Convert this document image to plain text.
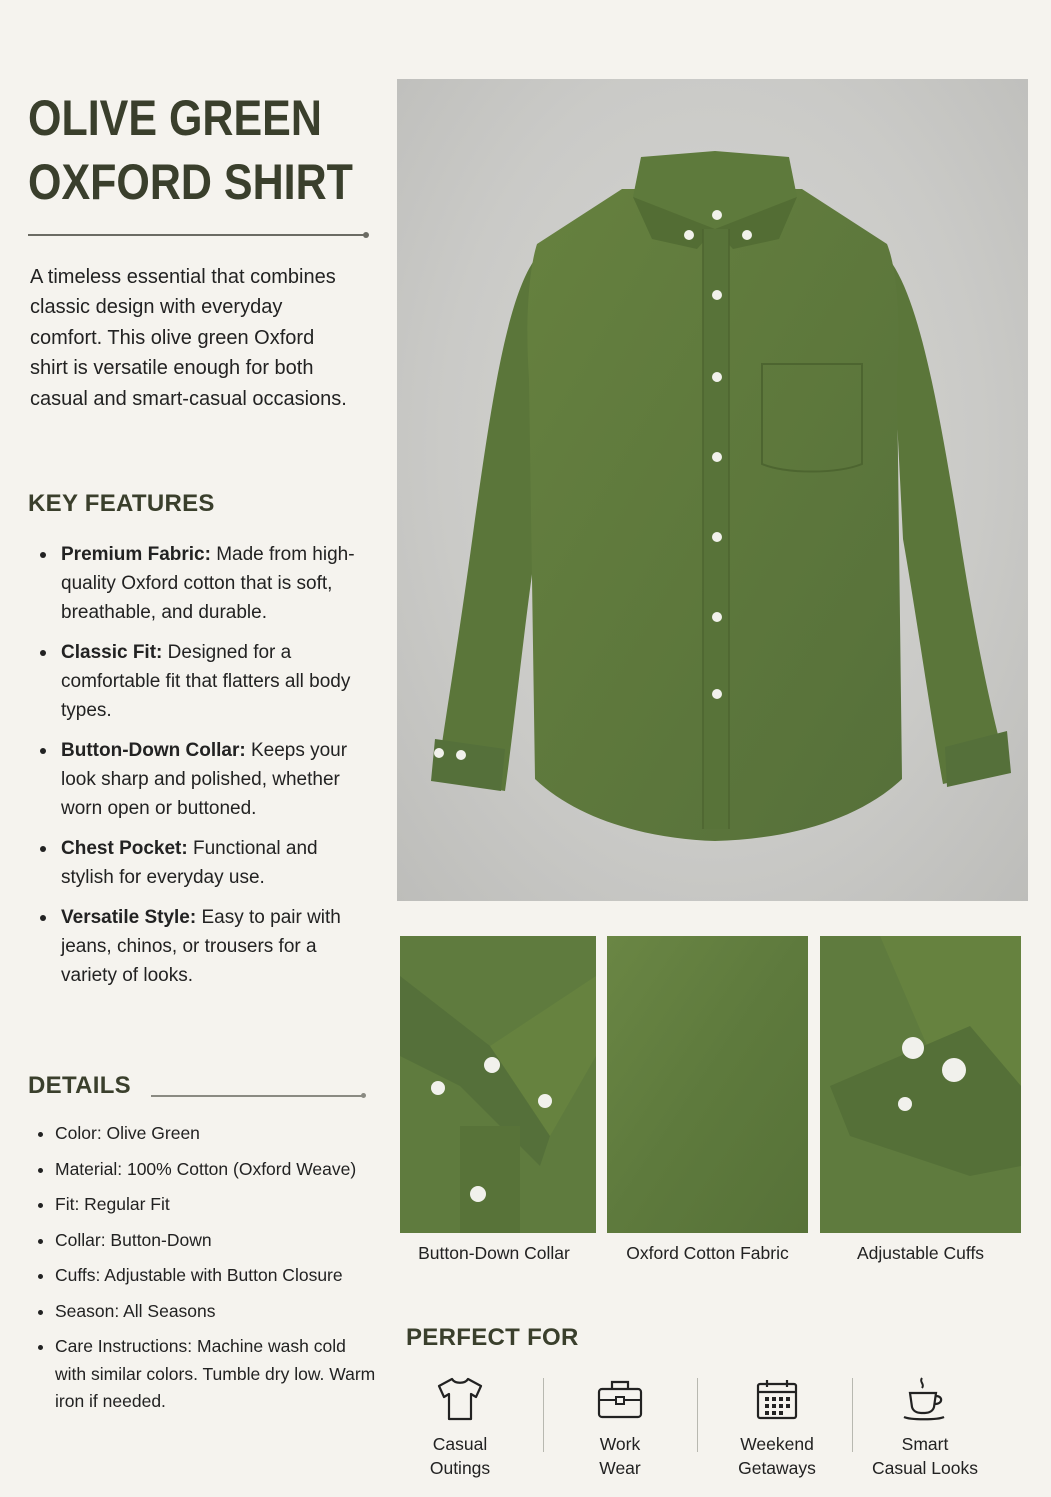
OLIVE GREEN
OXFORD SHIRT

A timeless essential that combines classic design with everyday comfort. This olive green Oxford shirt is versatile enough for both casual and smart-casual occasions.

KEY FEATURES
Premium Fabric: Made from high-quality Oxford cotton that is soft, breathable, and durable.
Classic Fit: Designed for a comfortable fit that flatters all body types.
Button-Down Collar: Keeps your look sharp and polished, whether worn open or buttoned.
Chest Pocket: Functional and stylish for everyday use.
Versatile Style: Easy to pair with jeans, chinos, or trousers for a variety of looks.
DETAILS
Color: Olive Green
Material: 100% Cotton (Oxford Weave)
Fit: Regular Fit
Collar: Button-Down
Cuffs: Adjustable with Button Closure
Season: All Seasons
Care Instructions: Machine wash cold with similar colors. Tumble dry low. Warm iron if needed.
Button-Down Collar	Oxford Cotton Fabric	Adjustable Cuffs
PERFECT FOR
Casual
Outings
Work
Wear
Weekend
Getaways
Smart
Casual Looks
